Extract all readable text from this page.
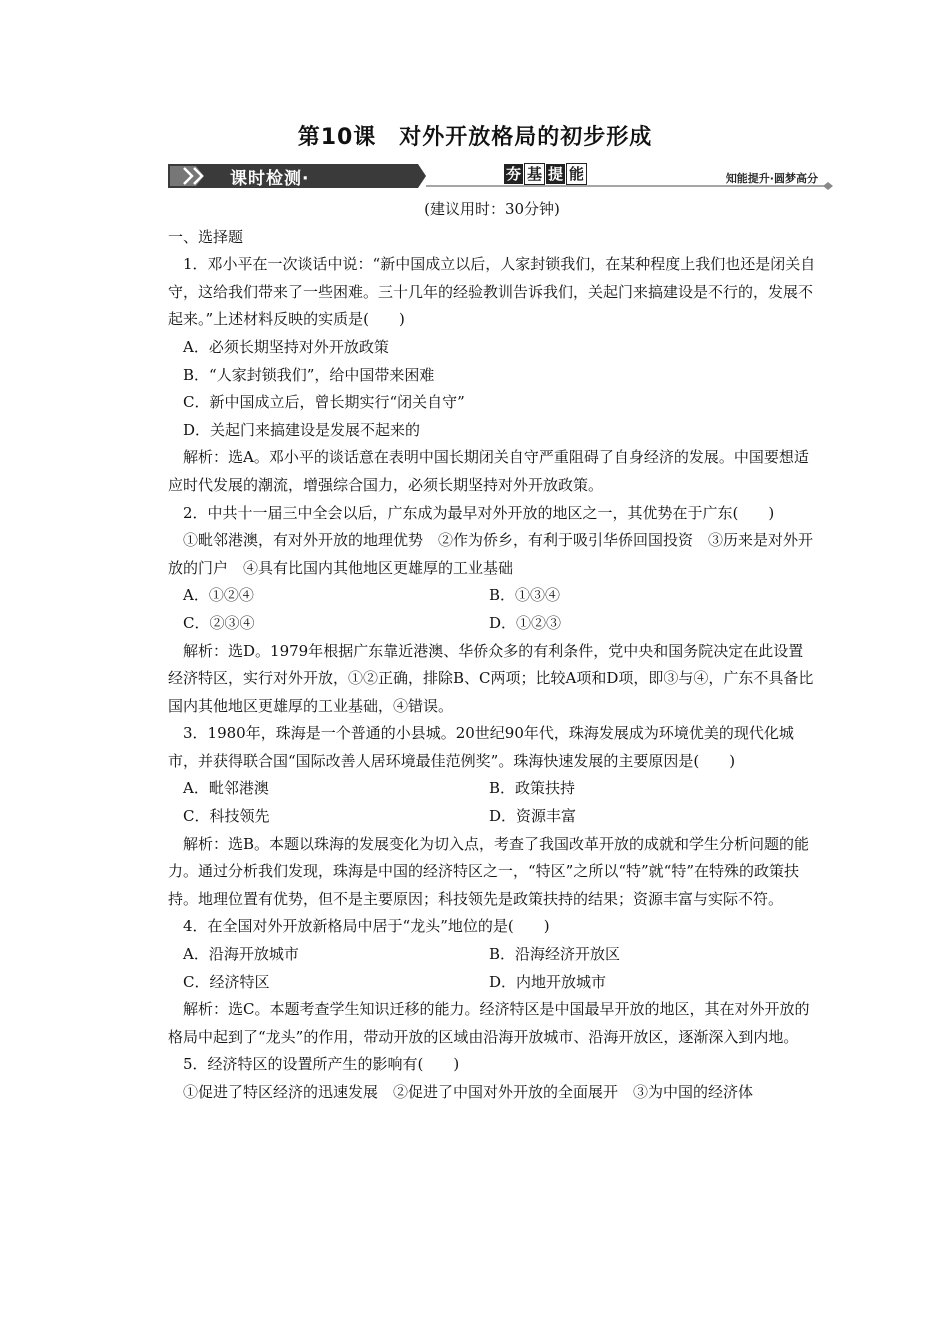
第10课　对外开放格局的初步形成
课时检测·	夯 基 提 能	知能提升·圆梦高分

(建议用时：30分钟)

一、选择题

1．邓小平在一次谈话中说：“新中国成立以后，人家封锁我们，在某种程度上我们也还是闭关自守，这给我们带来了一些困难。三十几年的经验教训告诉我们，关起门来搞建设是不行的，发展不起来。”上述材料反映的实质是(　　)

A．必须长期坚持对外开放政策

B．“人家封锁我们”，给中国带来困难

C．新中国成立后，曾长期实行“闭关自守”

D．关起门来搞建设是发展不起来的

解析：选A。邓小平的谈话意在表明中国长期闭关自守严重阻碍了自身经济的发展。中国要想适应时代发展的潮流，增强综合国力，必须长期坚持对外开放政策。

2．中共十一届三中全会以后，广东成为最早对外开放的地区之一，其优势在于广东(　　)

①毗邻港澳，有对外开放的地理优势　②作为侨乡，有利于吸引华侨回国投资　③历来是对外开放的门户　④具有比国内其他地区更雄厚的工业基础

A．①②④	B．①③④
C．②③④	D．①②③

解析：选D。1979年根据广东靠近港澳、华侨众多的有利条件，党中央和国务院决定在此设置经济特区，实行对外开放，①②正确，排除B、C两项；比较A项和D项，即③与④，广东不具备比国内其他地区更雄厚的工业基础，④错误。

3．1980年，珠海是一个普通的小县城。20世纪90年代，珠海发展成为环境优美的现代化城市，并获得联合国“国际改善人居环境最佳范例奖”。珠海快速发展的主要原因是(　　)

A．毗邻港澳	B．政策扶持
C．科技领先	D．资源丰富

解析：选B。本题以珠海的发展变化为切入点，考查了我国改革开放的成就和学生分析问题的能力。通过分析我们发现，珠海是中国的经济特区之一，“特区”之所以“特”就“特”在特殊的政策扶持。地理位置有优势，但不是主要原因；科技领先是政策扶持的结果；资源丰富与实际不符。

4．在全国对外开放新格局中居于“龙头”地位的是(　　)

A．沿海开放城市	B．沿海经济开放区
C．经济特区	D．内地开放城市

解析：选C。本题考查学生知识迁移的能力。经济特区是中国最早开放的地区，其在对外开放的格局中起到了“龙头”的作用，带动开放的区域由沿海开放城市、沿海开放区，逐渐深入到内地。

5．经济特区的设置所产生的影响有(　　)

①促进了特区经济的迅速发展　②促进了中国对外开放的全面展开　③为中国的经济体
